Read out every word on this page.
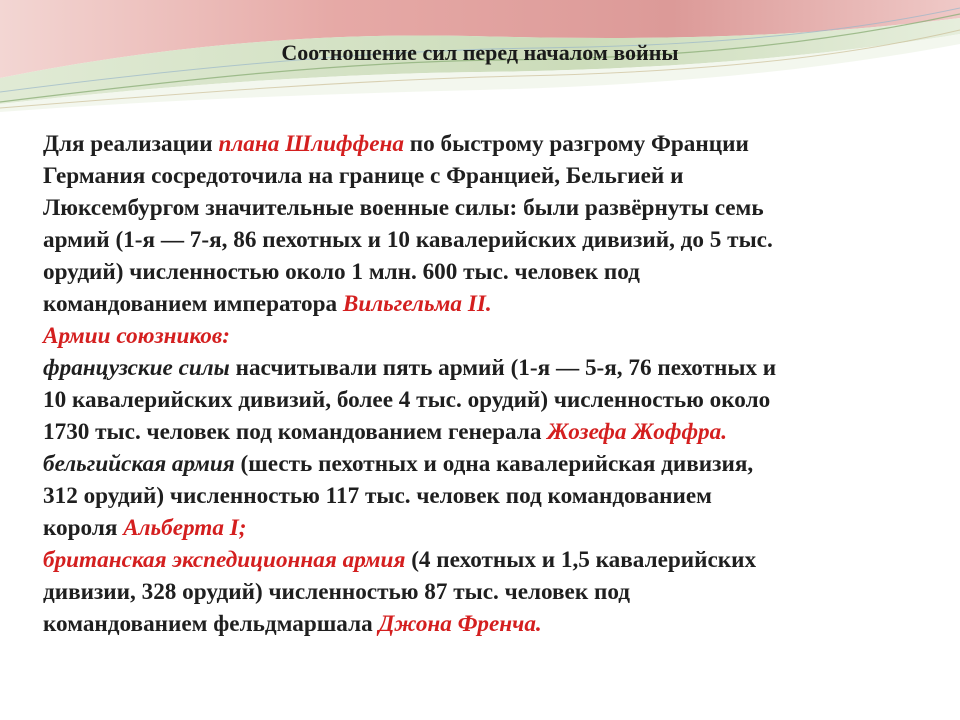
Соотношение сил перед началом войны
Для реализации плана Шлиффена по быстрому разгрому Франции
Германия сосредоточила на границе с Францией, Бельгией и
Люксембургом значительные военные силы: были развёрнуты семь
армий (1-я — 7-я, 86 пехотных и 10 кавалерийских дивизий, до 5 тыс.
орудий) численностью около 1 млн. 600 тыс. человек под
командованием императора Вильгельма II.
Армии союзников:
французские силы насчитывали пять армий (1-я — 5-я, 76 пехотных и
10 кавалерийских дивизий, более 4 тыс. орудий) численностью около
1730 тыс. человек под командованием генерала Жозефа Жоффра.
бельгийская армия (шесть пехотных и одна кавалерийская дивизия,
312 орудий) численностью 117 тыс. человек под командованием
короля Альберта I;
британская экспедиционная армия (4 пехотных и 1,5 кавалерийских
дивизии, 328 орудий) численностью 87 тыс. человек под
командованием фельдмаршала Джона Френча.
